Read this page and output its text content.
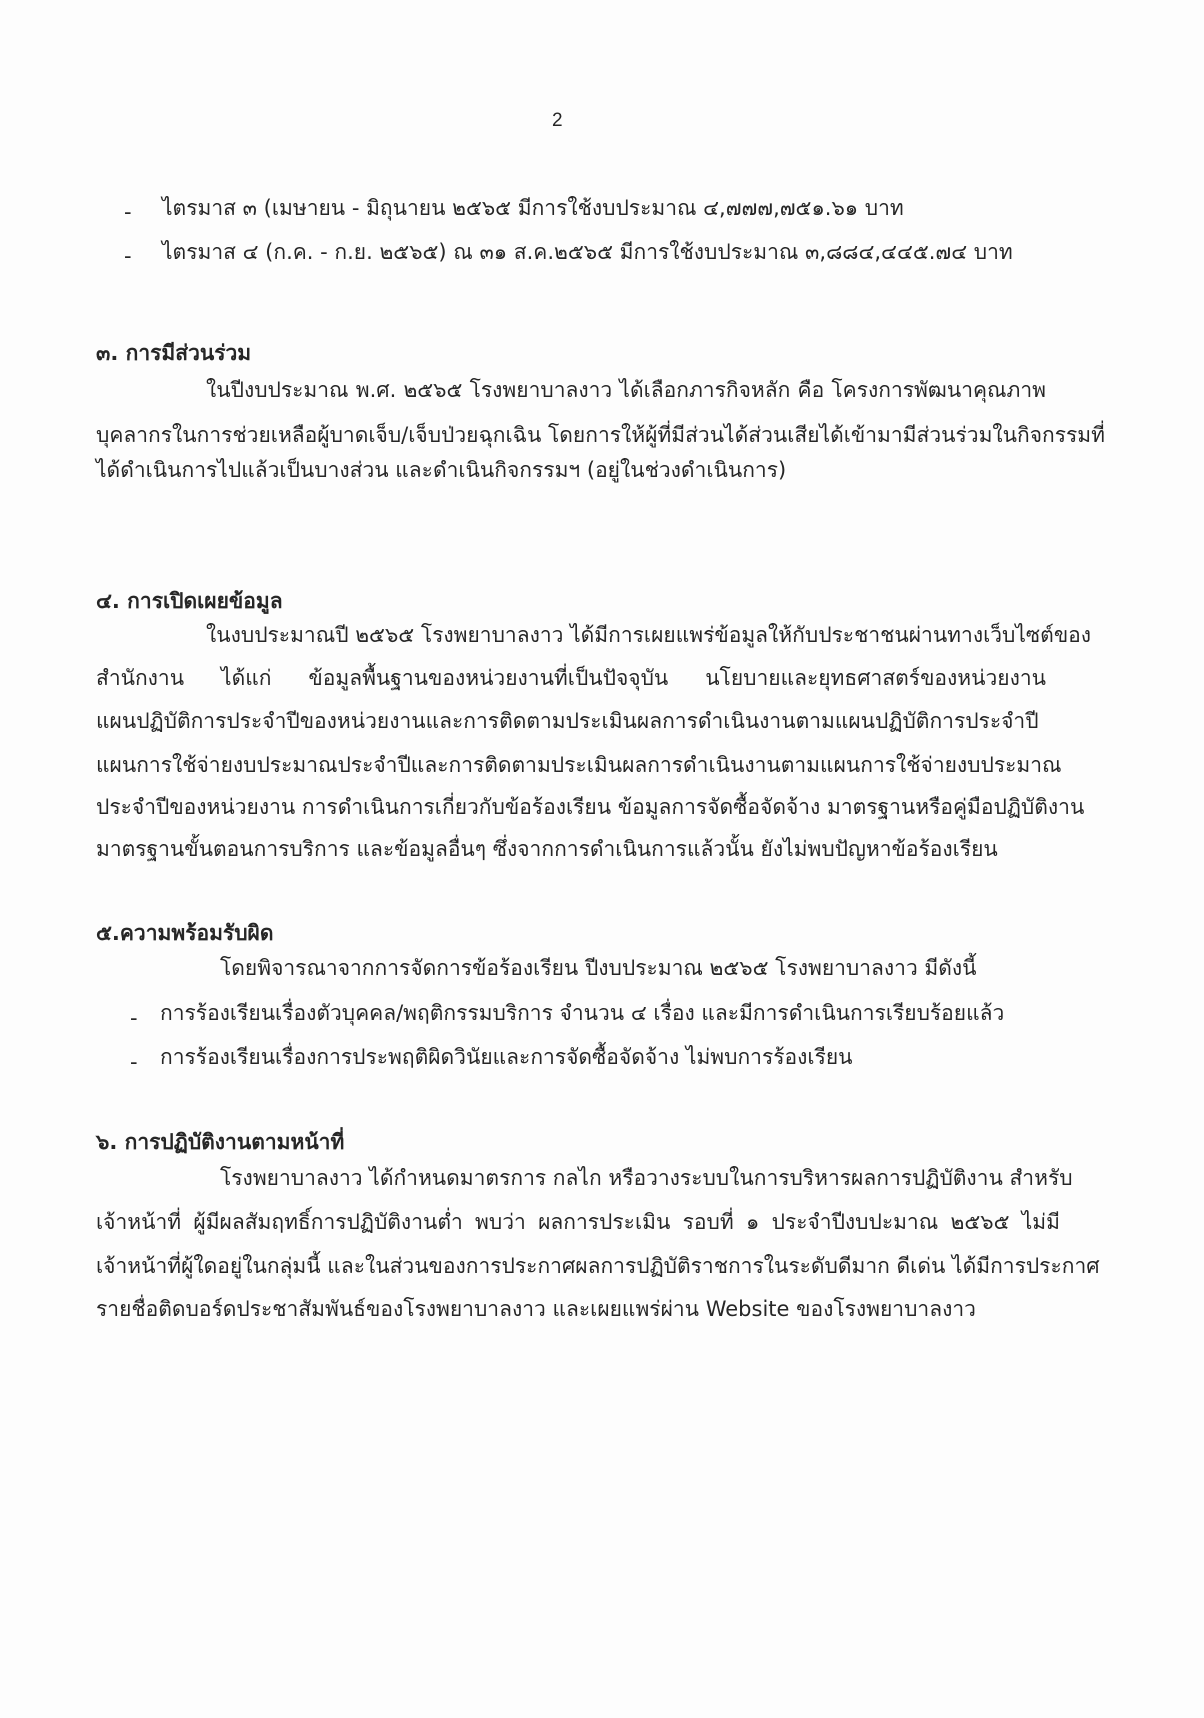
2
- ไตรมาส ๓ (เมษายน - มิถุนายน ๒๕๖๕ มีการใช้งบประมาณ ๔,๗๗๗,๗๕๑.๖๑ บาท
- ไตรมาส ๔ (ก.ค. - ก.ย. ๒๕๖๕) ณ ๓๑ ส.ค.๒๕๖๕ มีการใช้งบประมาณ ๓,๘๘๔,๔๔๕.๗๔ บาท
๓. การมีส่วนร่วม
ในปีงบประมาณ พ.ศ. ๒๕๖๕ โรงพยาบาลงาว ได้เลือกภารกิจหลัก คือ โครงการพัฒนาคุณภาพ
บุคลากรในการช่วยเหลือผู้บาดเจ็บ/เจ็บป่วยฉุกเฉิน โดยการให้ผู้ที่มีส่วนได้ส่วนเสียได้เข้ามามีส่วนร่วมในกิจกรรมที่
ได้ดำเนินการไปแล้วเป็นบางส่วน และดำเนินกิจกรรมฯ (อยู่ในช่วงดำเนินการ)
๔. การเปิดเผยข้อมูล
ในงบประมาณปี ๒๕๖๕ โรงพยาบาลงาว ได้มีการเผยแพร่ข้อมูลให้กับประชาชนผ่านทางเว็บไซต์ของ
สำนักงาน ได้แก่ ข้อมูลพื้นฐานของหน่วยงานที่เป็นปัจจุบัน นโยบายและยุทธศาสตร์ของหน่วยงาน
แผนปฏิบัติการประจำปีของหน่วยงานและการติดตามประเมินผลการดำเนินงานตามแผนปฏิบัติการประจำปี
แผนการใช้จ่ายงบประมาณประจำปีและการติดตามประเมินผลการดำเนินงานตามแผนการใช้จ่ายงบประมาณ
ประจำปีของหน่วยงาน การดำเนินการเกี่ยวกับข้อร้องเรียน ข้อมูลการจัดซื้อจัดจ้าง มาตรฐานหรือคู่มือปฏิบัติงาน
มาตรฐานขั้นตอนการบริการ และข้อมูลอื่นๆ ซึ่งจากการดำเนินการแล้วนั้น ยังไม่พบปัญหาข้อร้องเรียน
๕.ความพร้อมรับผิด
โดยพิจารณาจากการจัดการข้อร้องเรียน ปีงบประมาณ ๒๕๖๕ โรงพยาบาลงาว มีดังนี้
- การร้องเรียนเรื่องตัวบุคคล/พฤติกรรมบริการ จำนวน ๔ เรื่อง และมีการดำเนินการเรียบร้อยแล้ว
- การร้องเรียนเรื่องการประพฤติผิดวินัยและการจัดซื้อจัดจ้าง ไม่พบการร้องเรียน
๖. การปฏิบัติงานตามหน้าที่
โรงพยาบาลงาว ได้กำหนดมาตรการ กลไก หรือวางระบบในการบริหารผลการปฏิบัติงาน สำหรับ
เจ้าหน้าที่ ผู้มีผลสัมฤทธิ์การปฏิบัติงานต่ำ พบว่า ผลการประเมิน รอบที่ ๑ ประจำปีงบปะมาณ ๒๕๖๕ ไม่มี
เจ้าหน้าที่ผู้ใดอยู่ในกลุ่มนี้ และในส่วนของการประกาศผลการปฏิบัติราชการในระดับดีมาก ดีเด่น ได้มีการประกาศ
รายชื่อติดบอร์ดประชาสัมพันธ์ของโรงพยาบาลงาว และเผยแพร่ผ่าน Website ของโรงพยาบาลงาว
